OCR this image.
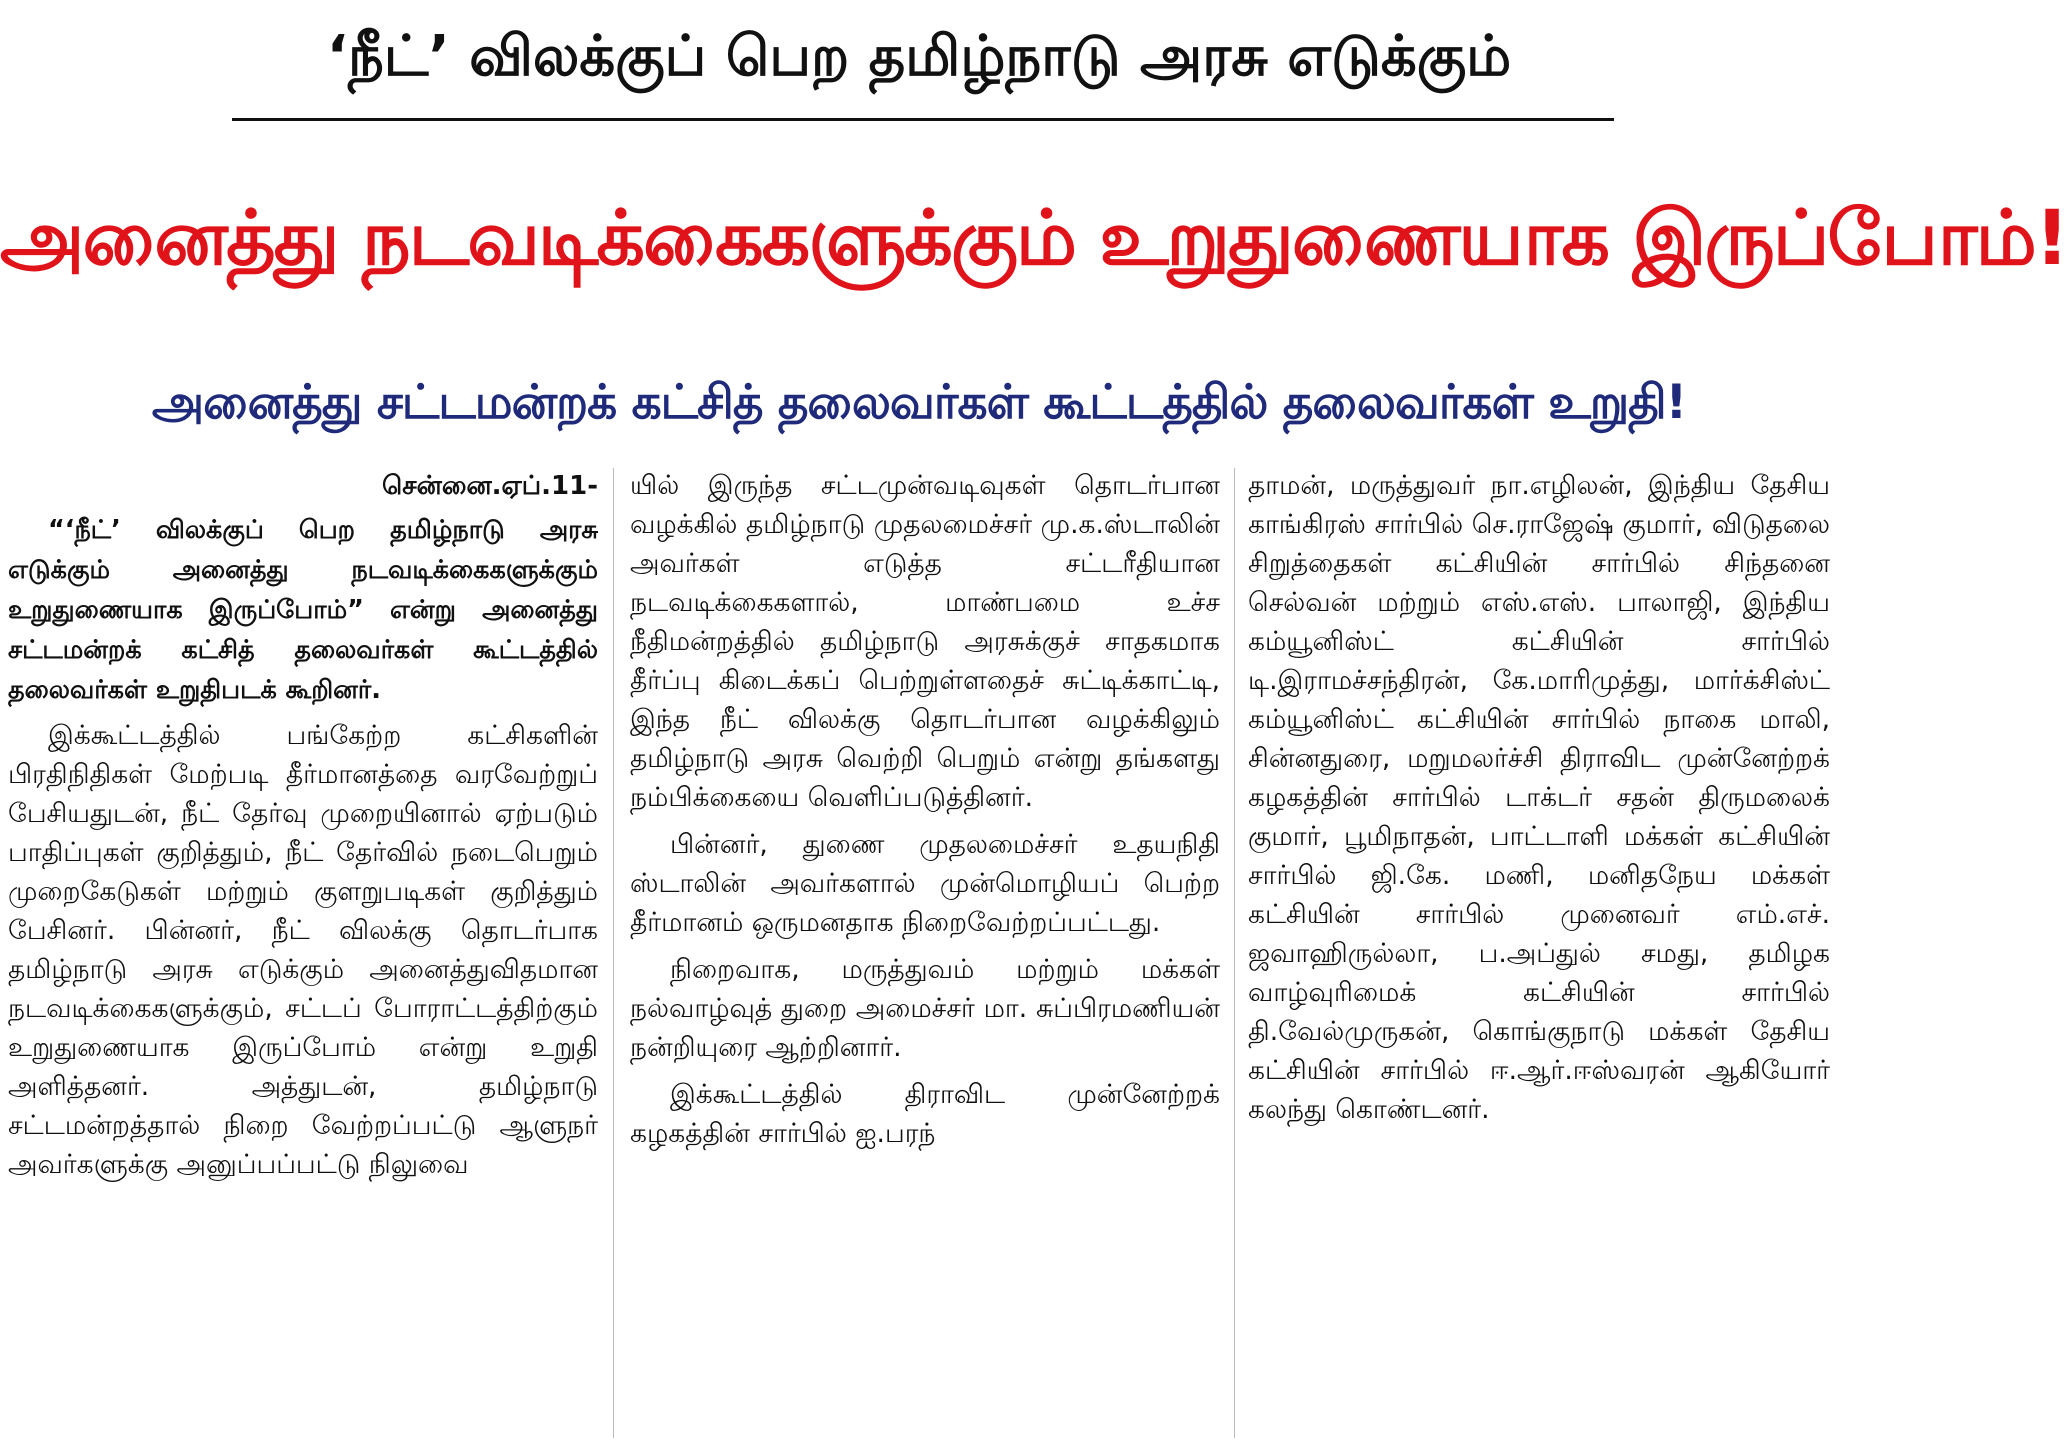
‘நீட்’ விலக்குப் பெற தமிழ்நாடு அரசு எடுக்கும்
அனைத்து நடவடிக்கைகளுக்கும் உறுதுணையாக இருப்போம்!
அனைத்து சட்டமன்றக் கட்சித் தலைவர்கள் கூட்டத்தில் தலைவர்கள் உறுதி!

சென்னை.ஏப்.11-

“‘நீட்’ விலக்குப் பெற தமிழ்நாடு அரசு எடுக்கும் அனைத்து நடவடிக்கைகளுக்கும் உறுதுணையாக இருப்போம்” என்று அனைத்து சட்டமன்றக் கட்சித் தலைவர்கள் கூட்டத்தில் தலைவர்கள் உறுதிபடக் கூறினர்.

இக்கூட்டத்தில் பங்கேற்ற கட்சிகளின் பிரதிநிதிகள் மேற்படி தீர்மானத்தை வரவேற்றுப் பேசியதுடன், நீட் தேர்வு முறையினால் ஏற்படும் பாதிப்புகள் குறித்தும், நீட் தேர்வில் நடைபெறும் முறைகேடுகள் மற்றும் குளறுபடிகள் குறித்தும் பேசினர். பின்னர், நீட் விலக்கு தொடர்பாக தமிழ்நாடு அரசு எடுக்கும் அனைத்துவிதமான நடவடிக்கைகளுக்கும், சட்டப் போராட்டத்திற்கும் உறுதுணையாக இருப்போம் என்று உறுதி அளித்தனர். அத்துடன், தமிழ்நாடு சட்டமன்றத்தால் நிறை வேற்றப்பட்டு ஆளுநர் அவர்களுக்கு அனுப்பப்பட்டு நிலுவை

யில் இருந்த சட்டமுன்வடிவுகள் தொடர்பான வழக்கில் தமிழ்நாடு முதலமைச்சர் மு.க.ஸ்டாலின் அவர்கள் எடுத்த சட்டரீதியான நடவடிக்கைகளால், மாண்பமை உச்ச நீதிமன்றத்தில் தமிழ்நாடு அரசுக்குச் சாதகமாக தீர்ப்பு கிடைக்கப் பெற்றுள்ளதைச் சுட்டிக்காட்டி, இந்த நீட் விலக்கு தொடர்பான வழக்கிலும் தமிழ்நாடு அரசு வெற்றி பெறும் என்று தங்களது நம்பிக்கையை வெளிப்படுத்தினர்.

பின்னர், துணை முதலமைச்சர் உதயநிதி ஸ்டாலின் அவர்களால் முன்மொழியப் பெற்ற தீர்மானம் ஒருமனதாக நிறைவேற்றப்பட்டது.

நிறைவாக, மருத்துவம் மற்றும் மக்கள் நல்வாழ்வுத் துறை அமைச்சர் மா. சுப்பிரமணியன் நன்றியுரை ஆற்றினார்.

இக்கூட்டத்தில் திராவிட முன்னேற்றக் கழகத்தின் சார்பில் ஐ.பரந்

தாமன், மருத்துவர் நா.எழிலன், இந்திய தேசிய காங்கிரஸ் சார்பில் செ.ராஜேஷ் குமார், விடுதலை சிறுத்தைகள் கட்சியின் சார்பில் சிந்தனை செல்வன் மற்றும் எஸ்.எஸ். பாலாஜி, இந்திய கம்யூனிஸ்ட் கட்சியின் சார்பில் டி.இராமச்சந்திரன், கே.மாரிமுத்து, மார்க்சிஸ்ட் கம்யூனிஸ்ட் கட்சியின் சார்பில் நாகை மாலி, சின்னதுரை, மறுமலர்ச்சி திராவிட முன்னேற்றக் கழகத்தின் சார்பில் டாக்டர் சதன் திருமலைக் குமார், பூமிநாதன், பாட்டாளி மக்கள் கட்சியின் சார்பில் ஜி.கே. மணி, மனிதநேய மக்கள் கட்சியின் சார்பில் முனைவர் எம்.எச். ஜவாஹிருல்லா, ப.அப்துல் சமது, தமிழக வாழ்வுரிமைக் கட்சியின் சார்பில் தி.வேல்முருகன், கொங்குநாடு மக்கள் தேசிய கட்சியின் சார்பில் ஈ.ஆர்.ஈஸ்வரன் ஆகியோர் கலந்து கொண்டனர்.
